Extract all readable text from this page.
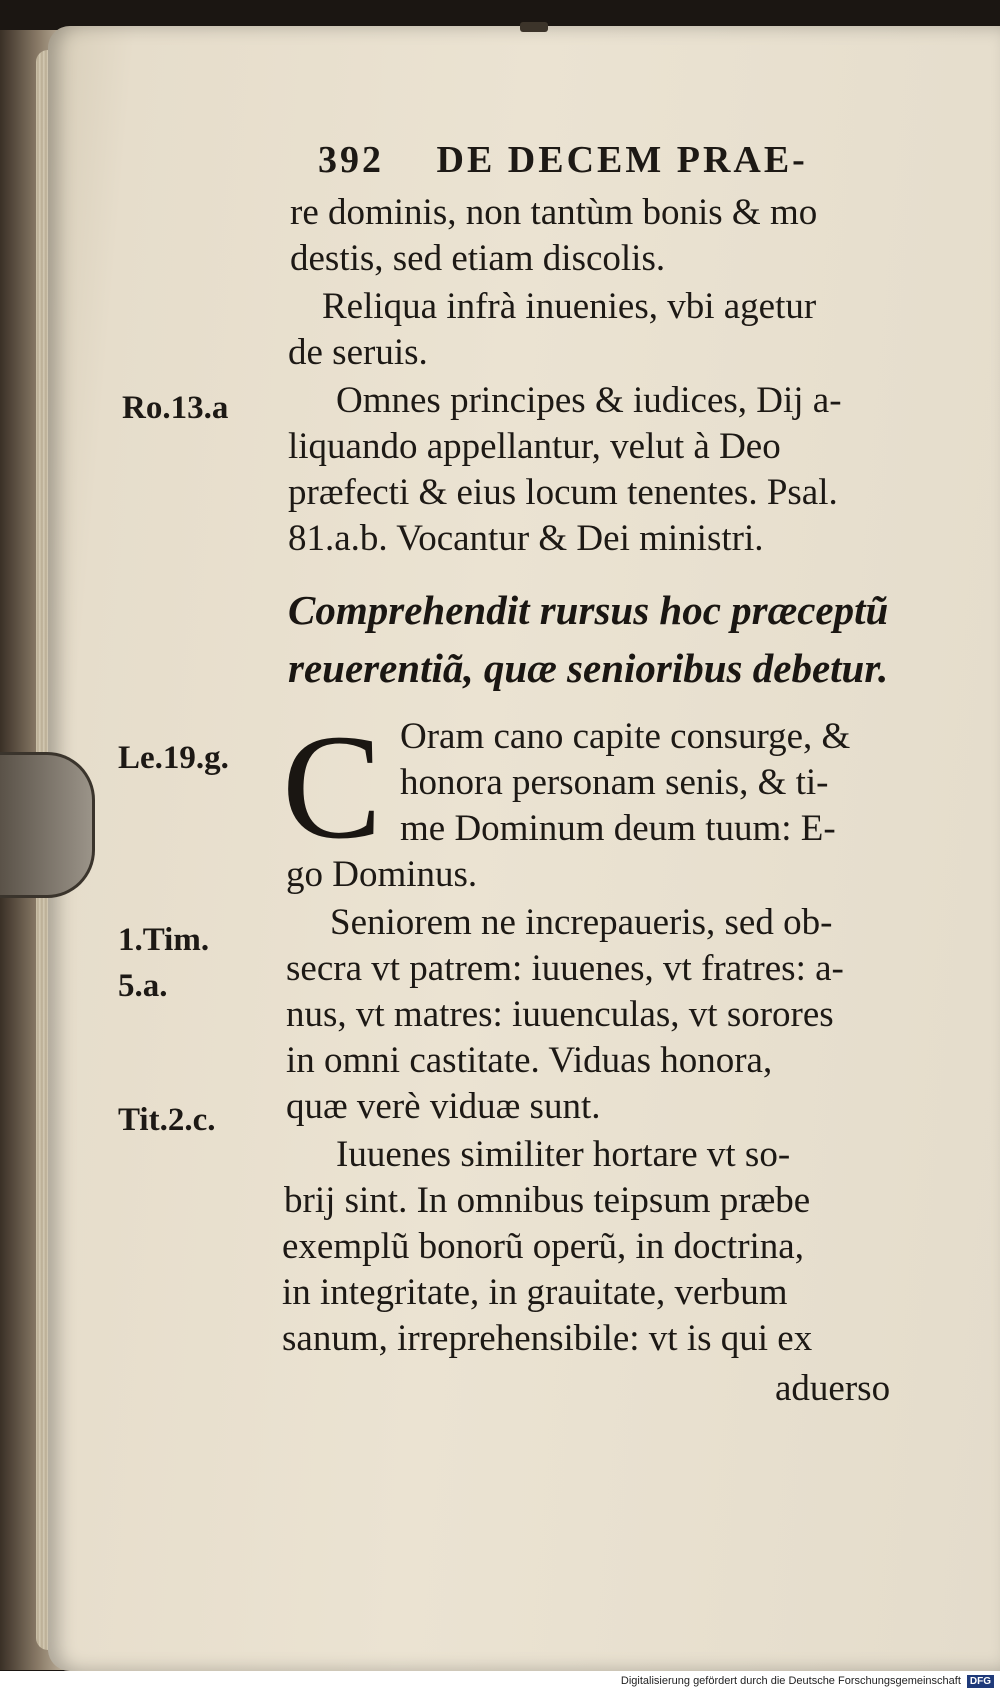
392 DE DECEM PRAE-
re dominis, non tantùm bonis & mo
destis, sed etiam discolis.
Reliqua infrà inuenies, vbi agetur
de seruis.
Omnes principes & iudices, Dij a-
liquando appellantur, velut à Deo
præfecti & eius locum tenentes. Psal.
81.a.b. Vocantur & Dei ministri.
Comprehendit rursus hoc præceptũ
reuerentiã, quæ senioribus debetur.
C Oram cano capite consurge, &
honora personam senis, & ti-
me Dominum deum tuum: E-
go Dominus.
Seniorem ne increpaueris, sed ob-
secra vt patrem: iuuenes, vt fratres: a-
nus, vt matres: iuuenculas, vt sorores
in omni castitate. Viduas honora,
quæ verè viduæ sunt.
Iuuenes similiter hortare vt so-
brij sint. In omnibus teipsum præbe
exemplũ bonorũ operũ, in doctrina,
in integritate, in grauitate, verbum
sanum, irreprehensibile: vt is qui ex
aduerso
Ro.13.a
Le.19.g.
1.Tim.
5.a.
Tit.2.c.
Digitalisierung gefördert durch die Deutsche Forschungsgemeinschaft DFG
